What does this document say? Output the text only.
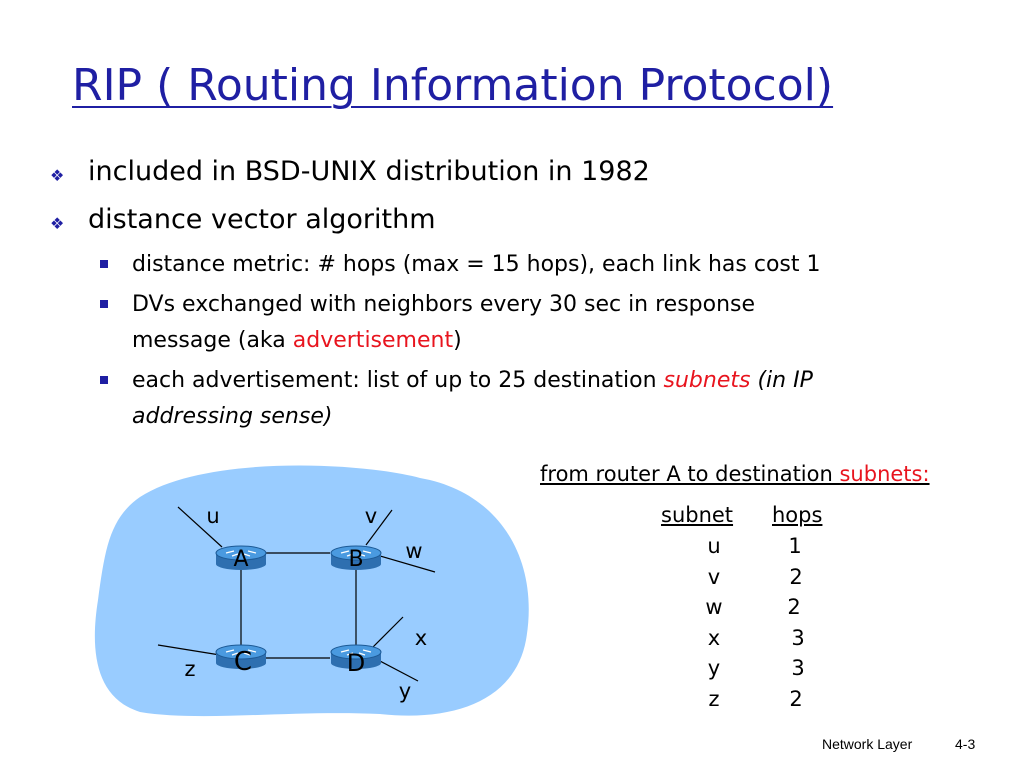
RIP ( Routing Information Protocol)
❖ included in BSD-UNIX distribution in 1982
❖ distance vector algorithm
distance metric: # hops (max = 15 hops), each link has cost 1
DVs exchanged with neighbors every 30 sec in response
message (aka advertisement)
each advertisement: list of up to 25 destination subnets (in IP
addressing sense)
A	B
C	D
u	v
w
x
y
z
from router A to destination subnets:
subnet hops
u	1
v	2
w	2
x	3
y	3
z	2
Network Layer	4-3
